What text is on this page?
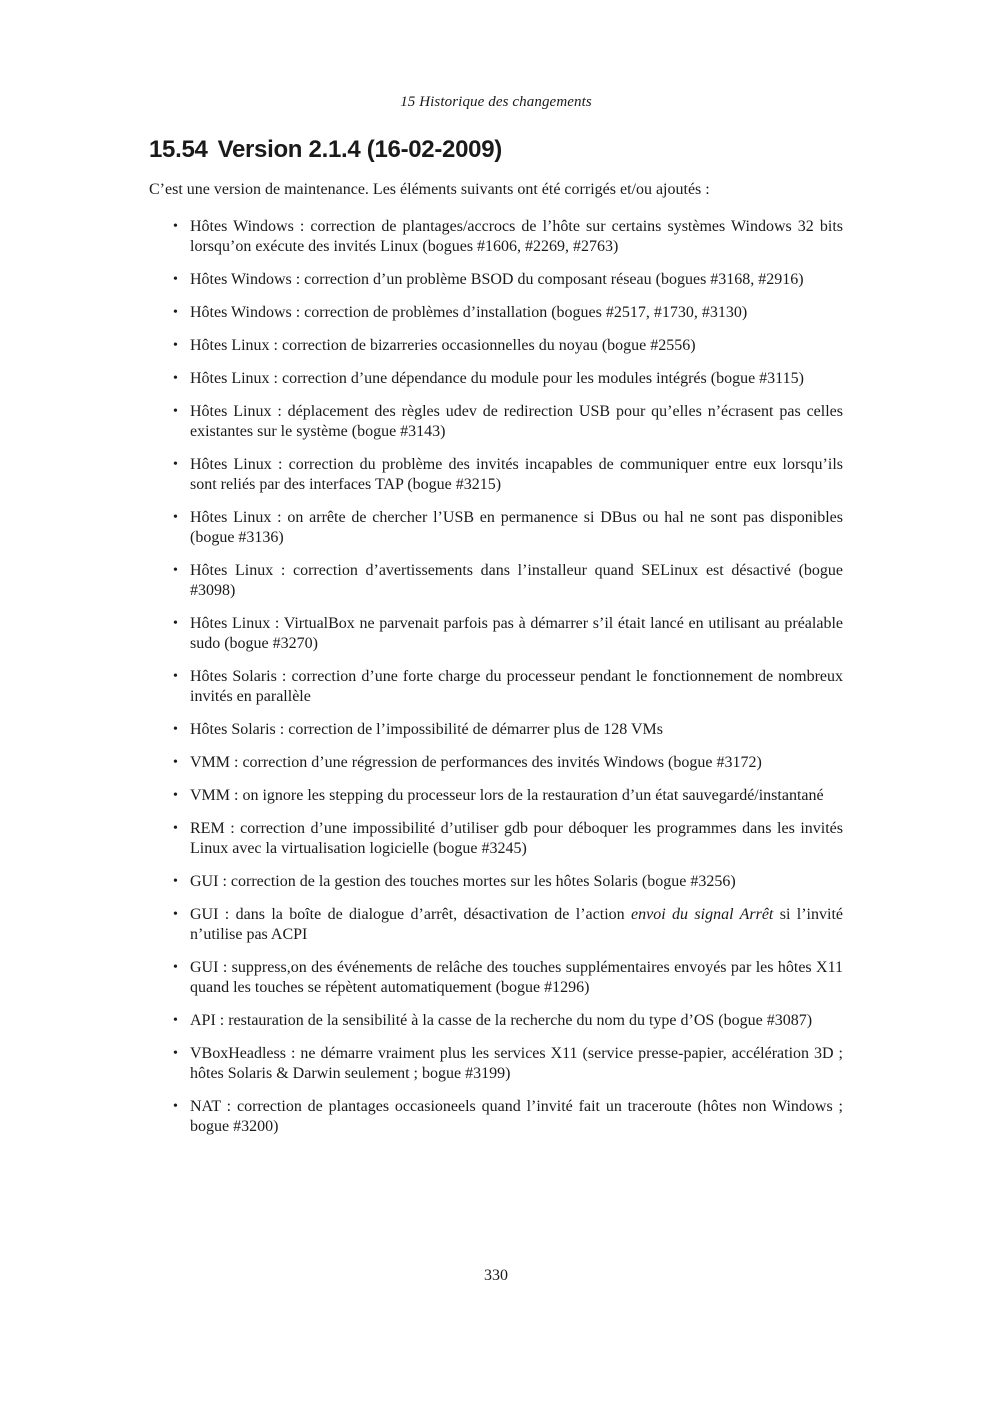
15 Historique des changements
15.54 Version 2.1.4 (16-02-2009)

C’est une version de maintenance. Les éléments suivants ont été corrigés et/ou ajoutés :

• Hôtes Windows : correction de plantages/accrocs de l’hôte sur certains systèmes Windows 32 bits lorsqu’on exécute des invités Linux (bogues #1606, #2269, #2763)
• Hôtes Windows : correction d’un problème BSOD du composant réseau (bogues #3168, #2916)
• Hôtes Windows : correction de problèmes d’installation (bogues #2517, #1730, #3130)
• Hôtes Linux : correction de bizarreries occasionnelles du noyau (bogue #2556)
• Hôtes Linux : correction d’une dépendance du module pour les modules intégrés (bogue #3115)
• Hôtes Linux : déplacement des règles udev de redirection USB pour qu’elles n’écrasent pas celles existantes sur le système (bogue #3143)
• Hôtes Linux : correction du problème des invités incapables de communiquer entre eux lorsqu’ils sont reliés par des interfaces TAP (bogue #3215)
• Hôtes Linux : on arrête de chercher l’USB en permanence si DBus ou hal ne sont pas disponibles (bogue #3136)
• Hôtes Linux : correction d’avertissements dans l’installeur quand SELinux est désactivé (bogue #3098)
• Hôtes Linux : VirtualBox ne parvenait parfois pas à démarrer s’il était lancé en utilisant au préalable sudo (bogue #3270)
• Hôtes Solaris : correction d’une forte charge du processeur pendant le fonctionnement de nombreux invités en parallèle
• Hôtes Solaris : correction de l’impossibilité de démarrer plus de 128 VMs
• VMM : correction d’une régression de performances des invités Windows (bogue #3172)
• VMM : on ignore les stepping du processeur lors de la restauration d’un état sauvegardé/instantané
• REM : correction d’une impossibilité d’utiliser gdb pour déboquer les programmes dans les invités Linux avec la virtualisation logicielle (bogue #3245)
• GUI : correction de la gestion des touches mortes sur les hôtes Solaris (bogue #3256)
• GUI : dans la boîte de dialogue d’arrêt, désactivation de l’action envoi du signal Arrêt si l’invité n’utilise pas ACPI
• GUI : suppress,on des événements de relâche des touches supplémentaires envoyés par les hôtes X11 quand les touches se répètent automatiquement (bogue #1296)
• API : restauration de la sensibilité à la casse de la recherche du nom du type d’OS (bogue #3087)
• VBoxHeadless : ne démarre vraiment plus les services X11 (service presse-papier, accélération 3D ; hôtes Solaris & Darwin seulement ; bogue #3199)
• NAT : correction de plantages occasioneels quand l’invité fait un traceroute (hôtes non Windows ; bogue #3200)
330
